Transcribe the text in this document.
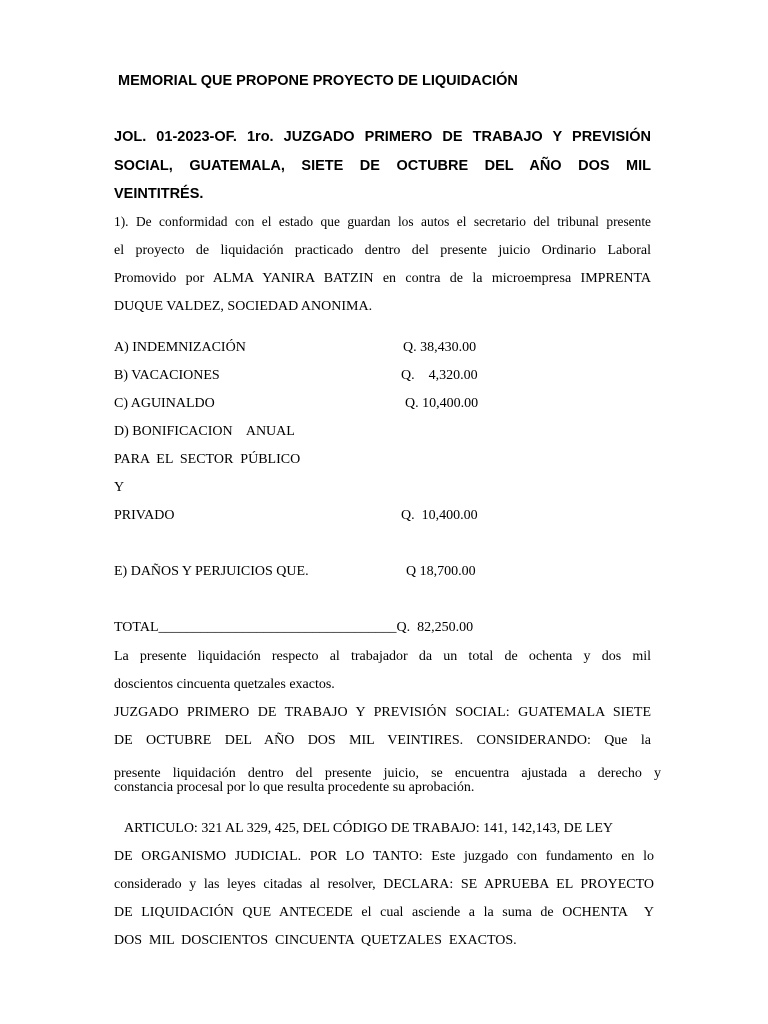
MEMORIAL QUE PROPONE PROYECTO DE LIQUIDACIÓN
JOL. 01-2023-OF. 1ro. JUZGADO PRIMERO DE TRABAJO Y PREVISIÓN
SOCIAL, GUATEMALA, SIETE DE OCTUBRE DEL AÑO DOS MIL
VEINTITRÉS.
1). De conformidad con el estado que guardan los autos el secretario del tribunal presente
el proyecto de liquidación practicado dentro del presente juicio Ordinario Laboral
Promovido por ALMA YANIRA BATZIN en contra de la microempresa IMPRENTA
DUQUE VALDEZ, SOCIEDAD ANONIMA.
A) INDEMNIZACIÓN	Q. 38,430.00
B) VACACIONES	Q.    4,320.00
C) AGUINALDO	Q. 10,400.00
D) BONIFICACION    ANUAL
PARA  EL  SECTOR  PÚBLICO
Y
PRIVADO	Q.  10,400.00
E) DAÑOS Y PERJUICIOS QUE.	Q 18,700.00
TOTAL__________________________________Q.  82,250.00
La presente liquidación respecto al trabajador da un total de ochenta y dos mil
doscientos cincuenta quetzales exactos.
JUZGADO PRIMERO DE TRABAJO Y PREVISIÓN SOCIAL: GUATEMALA SIETE
DE  OCTUBRE  DEL  AÑO  DOS  MIL  VEINTIRES.  CONSIDERANDO:  Que  la
presente liquidación dentro del presente juicio, se encuentra ajustada a derecho y
constancia procesal por lo que resulta procedente su aprobación.
ARTICULO: 321 AL 329, 425, DEL CÓDIGO DE TRABAJO: 141, 142,143, DE LEY
DE ORGANISMO JUDICIAL. POR LO TANTO: Este juzgado con fundamento en lo
considerado y las leyes citadas al resolver, DECLARA: SE APRUEBA EL PROYECTO
DE LIQUIDACIÓN QUE ANTECEDE el cual asciende a la suma de OCHENTA  Y
DOS  MIL  DOSCIENTOS  CINCUENTA  QUETZALES  EXACTOS.
